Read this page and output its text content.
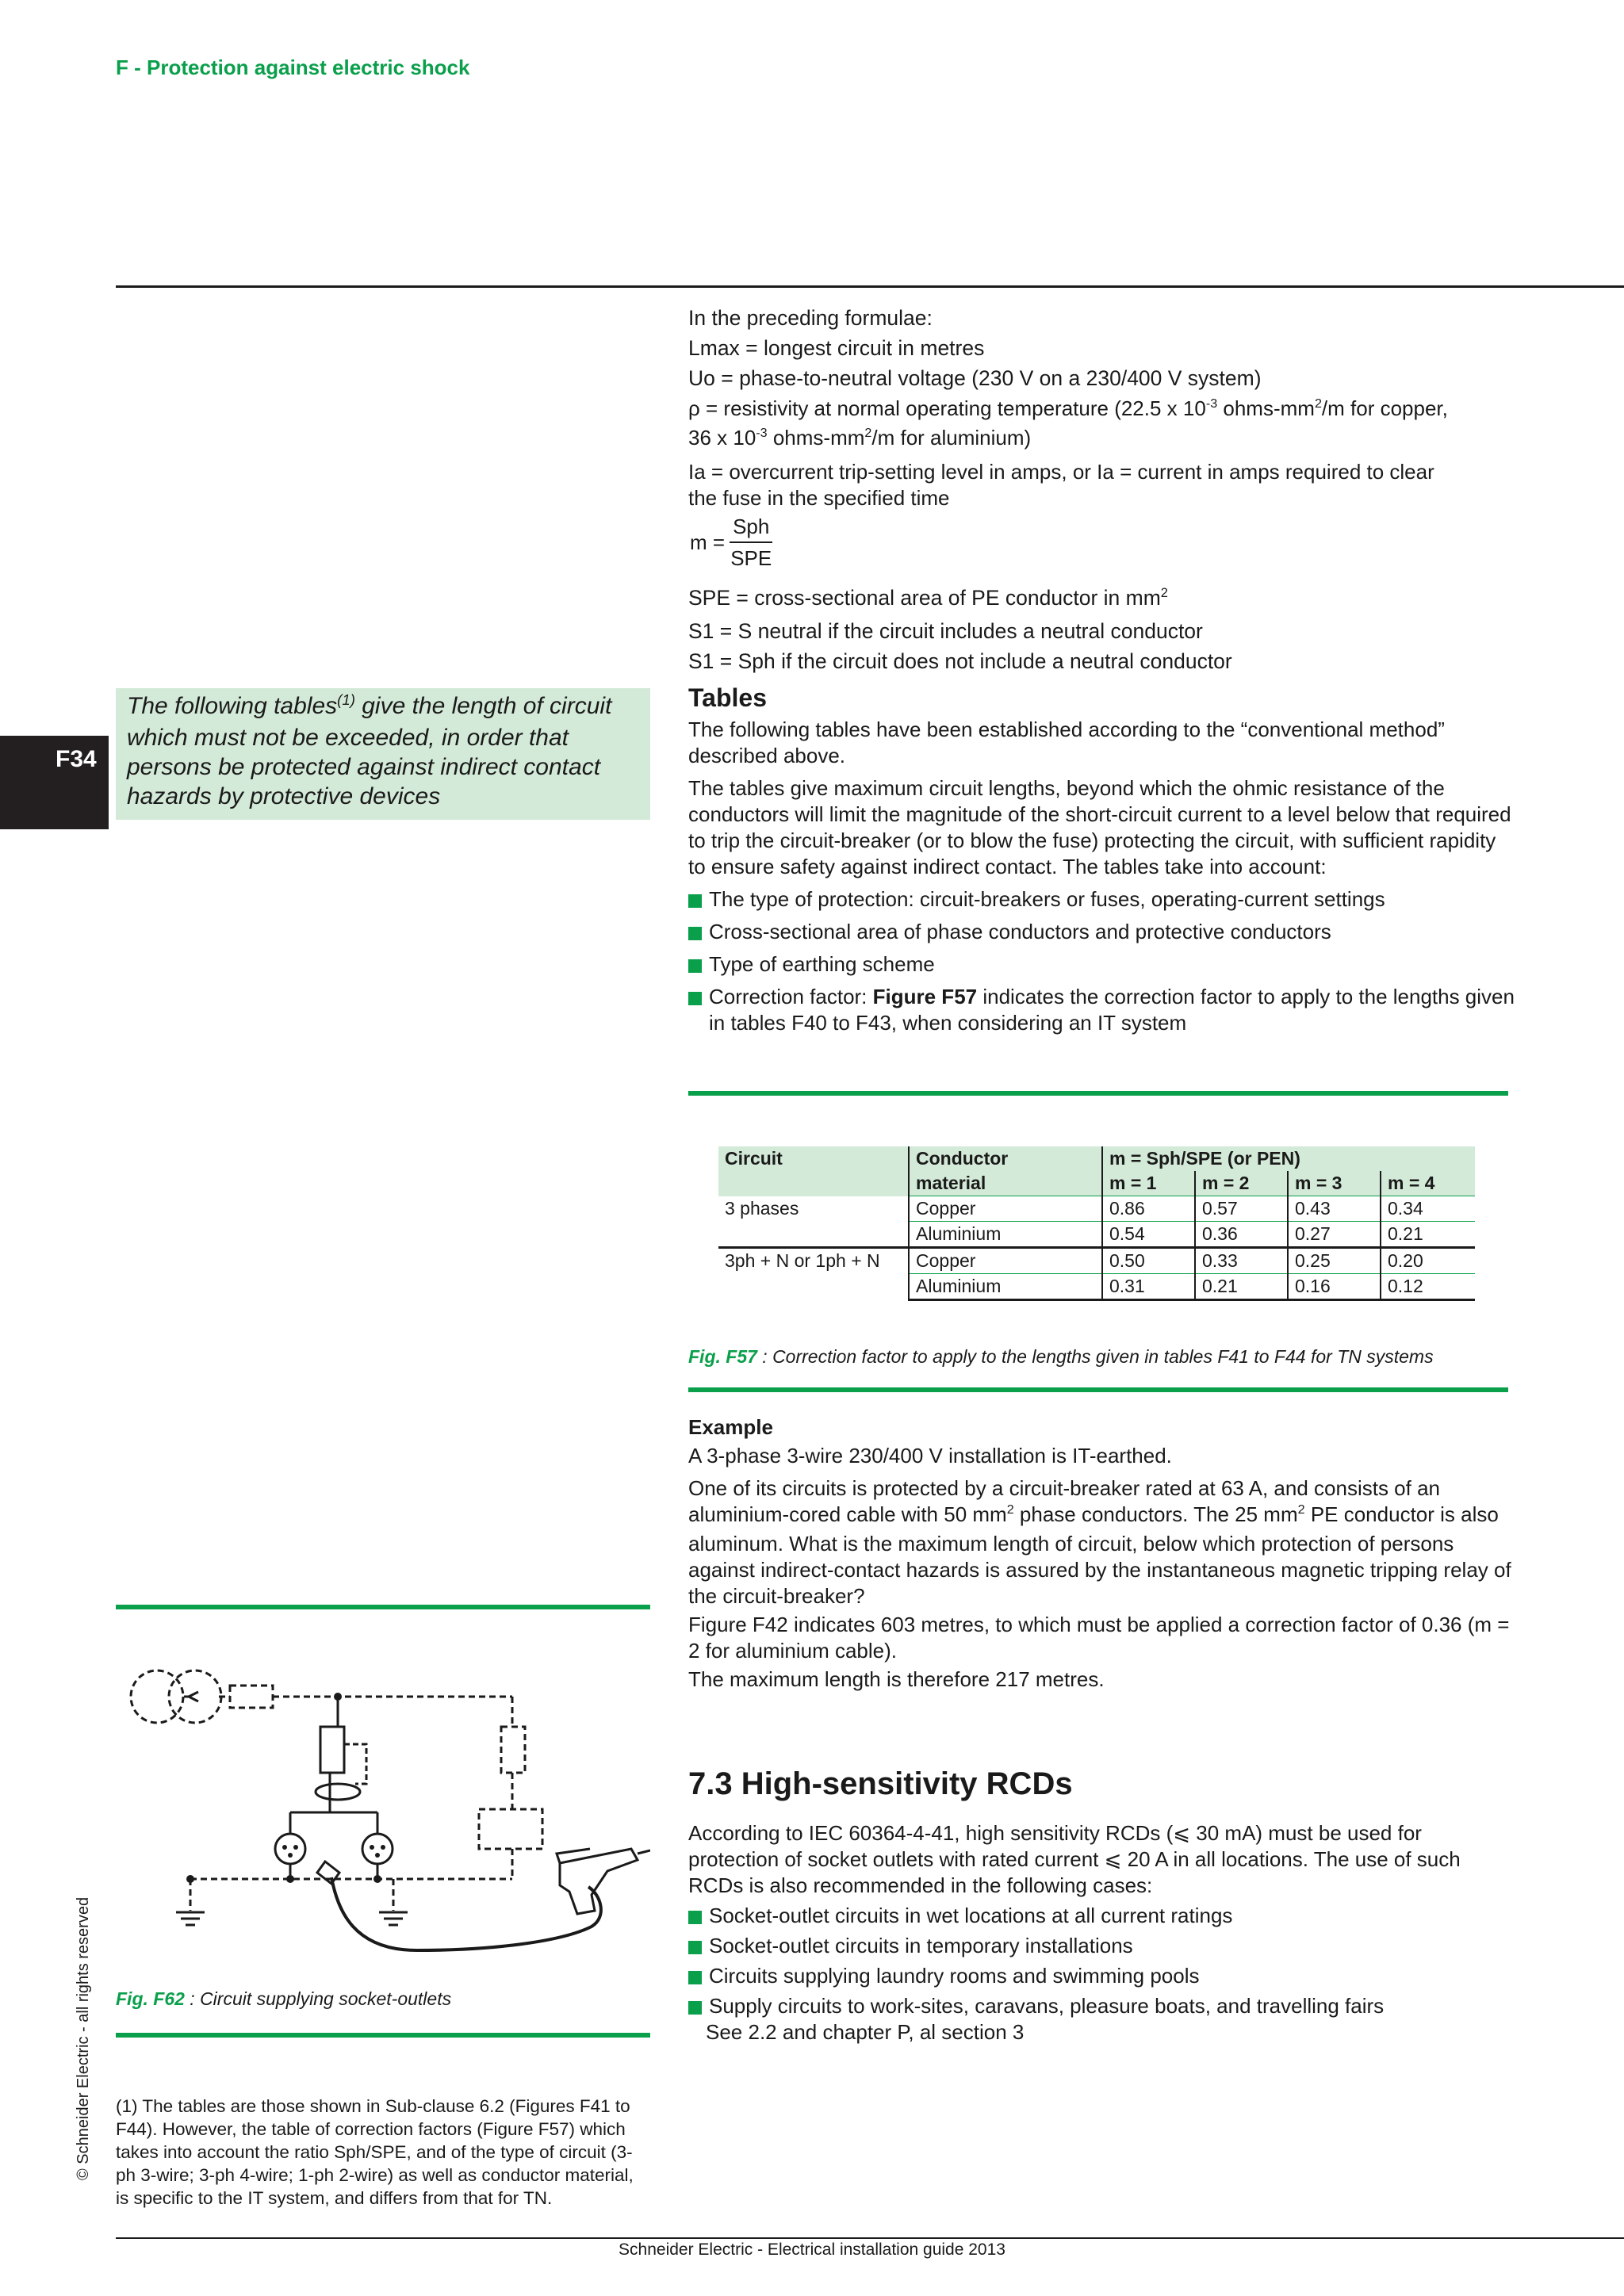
F - Protection against electric shock
F34
The following tables$^{(1)}$ give the length of circuit which must not be exceeded, in order that persons be protected against indirect contact hazards by protective devices

In the preceding formulae:

Lmax = longest circuit in metres

Uo = phase-to-neutral voltage (230 V on a 230/400 V system)

ρ = resistivity at normal operating temperature (22.5 x $10^{-3}$ ohms-$mm^2/m$ for copper,
36 x $10^{-3}$ ohms-$mm^2/m$ for aluminium)

Ia = overcurrent trip-setting level in amps, or Ia = current in amps required to clear
the fuse in the specified time

$m = \frac{\text{Sph}}{\text{SPE}}$

SPE = cross-sectional area of PE conductor in $mm^2$

S1 = S neutral if the circuit includes a neutral conductor

S1 = Sph if the circuit does not include a neutral conductor

Tables

The following tables have been established according to the “conventional method” described above.

The tables give maximum circuit lengths, beyond which the ohmic resistance of the conductors will limit the magnitude of the short-circuit current to a level below that required to trip the circuit-breaker (or to blow the fuse) protecting the circuit, with sufficient rapidity to ensure safety against indirect contact. The tables take into account:

The type of protection: circuit-breakers or fuses, operating-current settings

Cross-sectional area of phase conductors and protective conductors

Type of earthing scheme

Correction factor: Figure F57 indicates the correction factor to apply to the lengths given in tables F40 to F43, when considering an IT system

Circuit	Conductor	m = Sph/SPE (or PEN)			
	material	m = 1	m = 2	m = 3	m = 4
3 phases	Copper	0.86	0.57	0.43	0.34
	Aluminium	0.54	0.36	0.27	0.21
3ph + N or 1ph + N	Copper	0.50	0.33	0.25	0.20
	Aluminium	0.31	0.21	0.16	0.12
Fig. F57 : Correction factor to apply to the lengths given in tables F41 to F44 for TN systems

Example

A 3-phase 3-wire 230/400 V installation is IT-earthed.

One of its circuits is protected by a circuit-breaker rated at 63 A, and consists of an aluminium-cored cable with 50 $mm^2$ phase conductors. The 25 $mm^2$ PE conductor is also aluminum. What is the maximum length of circuit, below which protection of persons against indirect-contact hazards is assured by the instantaneous magnetic tripping relay of the circuit-breaker?

Figure F42 indicates 603 metres, to which must be applied a correction factor of 0.36 (m = 2 for aluminium cable).

The maximum length is therefore 217 metres.

7.3 High-sensitivity RCDs

According to IEC 60364-4-41, high sensitivity RCDs (⩽ 30 mA) must be used for protection of socket outlets with rated current ⩽ 20 A in all locations. The use of such RCDs is also recommended in the following cases:

Socket-outlet circuits in wet locations at all current ratings

Socket-outlet circuits in temporary installations

Circuits supplying laundry rooms and swimming pools

Supply circuits to work-sites, caravans, pleasure boats, and travelling fairs
See 2.2 and chapter P, al section 3

Fig. F62 : Circuit supplying socket-outlets
(1) The tables are those shown in Sub-clause 6.2 (Figures F41 to F44). However, the table of correction factors (Figure F57) which takes into account the ratio Sph/SPE, and of the type of circuit (3-ph 3-wire; 3-ph 4-wire; 1-ph 2-wire) as well as conductor material, is specific to the IT system, and differs from that for TN.
© Schneider Electric - all rights reserved
Schneider Electric - Electrical installation guide 2013
